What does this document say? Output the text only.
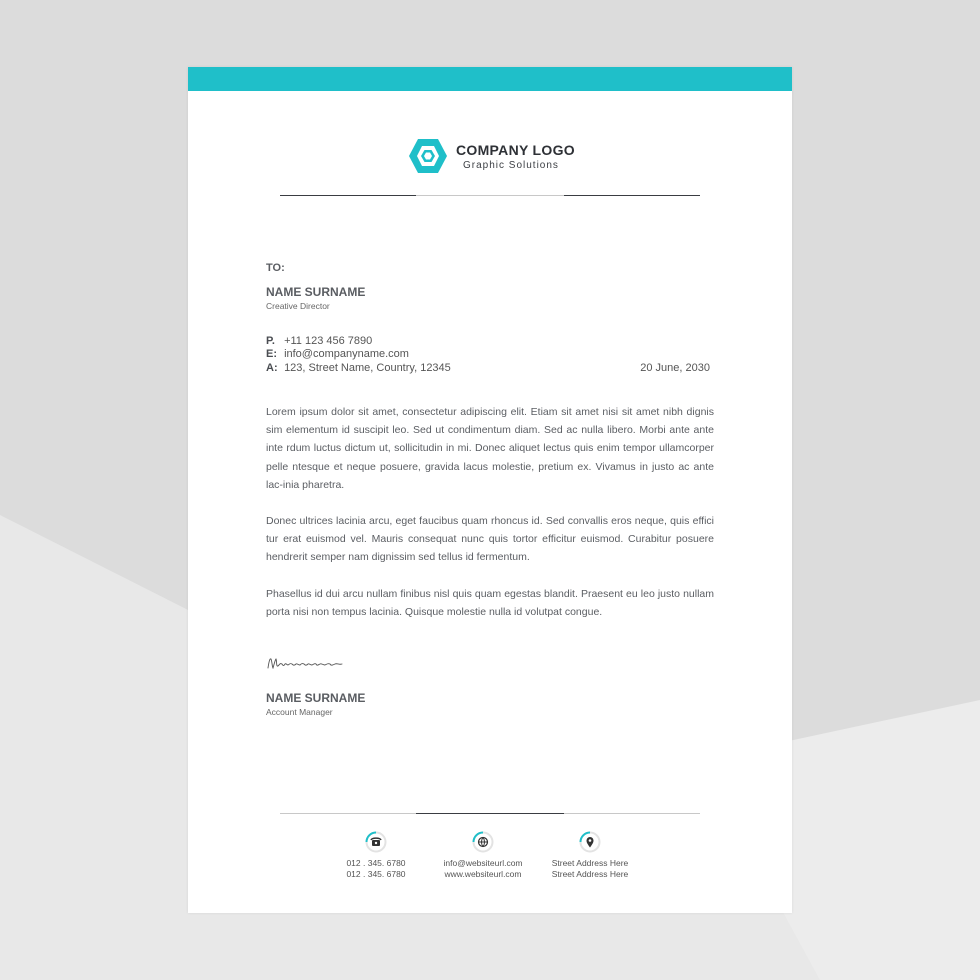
COMPANY LOGO
Graphic Solutions
TO:
NAME SURNAME
Creative Director
P. +11 123 456 7890
E: info@companyname.com
A: 123, Street Name, Country, 12345	20 June, 2030
Lorem ipsum dolor sit amet, consectetur adipiscing elit. Etiam sit amet nisi sit amet nibh dignis sim elementum id suscipit leo. Sed ut condimentum diam. Sed ac nulla libero. Morbi ante ante inte rdum luctus dictum ut, sollicitudin in mi. Donec aliquet lectus quis enim tempor ullamcorper pelle ntesque et neque posuere, gravida lacus molestie, pretium ex. Vivamus in justo ac ante lac-inia pharetra.
Donec ultrices lacinia arcu, eget faucibus quam rhoncus id. Sed convallis eros neque, quis effici tur erat euismod vel. Mauris consequat nunc quis tortor efficitur euismod. Curabitur posuere hendrerit semper nam dignissim sed tellus id fermentum.
Phasellus id dui arcu nullam finibus nisl quis quam egestas blandit. Praesent eu leo justo nullam porta nisi non tempus lacinia. Quisque molestie nulla id volutpat congue.
NAME SURNAME
Account Manager
012 . 345. 6780
012 . 345. 6780
info@websiteurl.com
www.websiteurl.com
Street Address Here
Street Address Here
